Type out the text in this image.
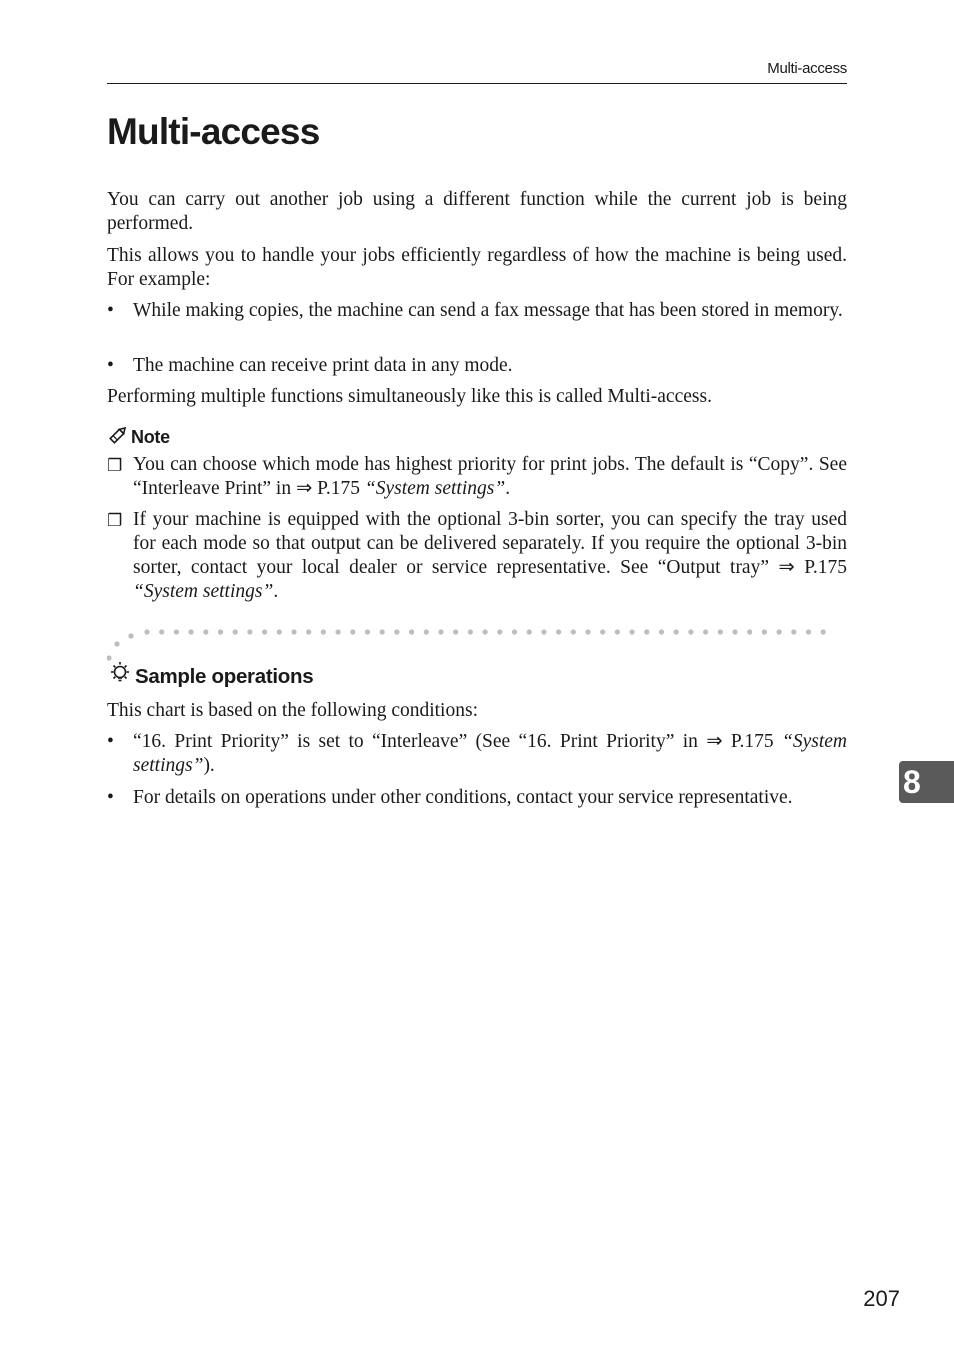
Multi-access
Multi-access

You can carry out another job using a different function while the current job is being performed.

This allows you to handle your jobs efficiently regardless of how the machine is being used. For example:

• While making copies, the machine can send a fax message that has been stored in memory.
• The machine can receive print data in any mode.

Performing multiple functions simultaneously like this is called Multi-access.

Note
❐ You can choose which mode has highest priority for print jobs. The default is “Copy”. See “Interleave Print” in ⇒ P.175 “System settings”.
❐ If your machine is equipped with the optional 3-bin sorter, you can specify the tray used for each mode so that output can be delivered separately. If you require the optional 3-bin sorter, contact your local dealer or service representative. See “Output tray” ⇒ P.175 “System settings”.
Sample operations

This chart is based on the following conditions:

• “16. Print Priority” is set to “Interleave” (See “16. Print Priority” in ⇒ P.175 “System settings”).
• For details on operations under other conditions, contact your service representative.	8
207
